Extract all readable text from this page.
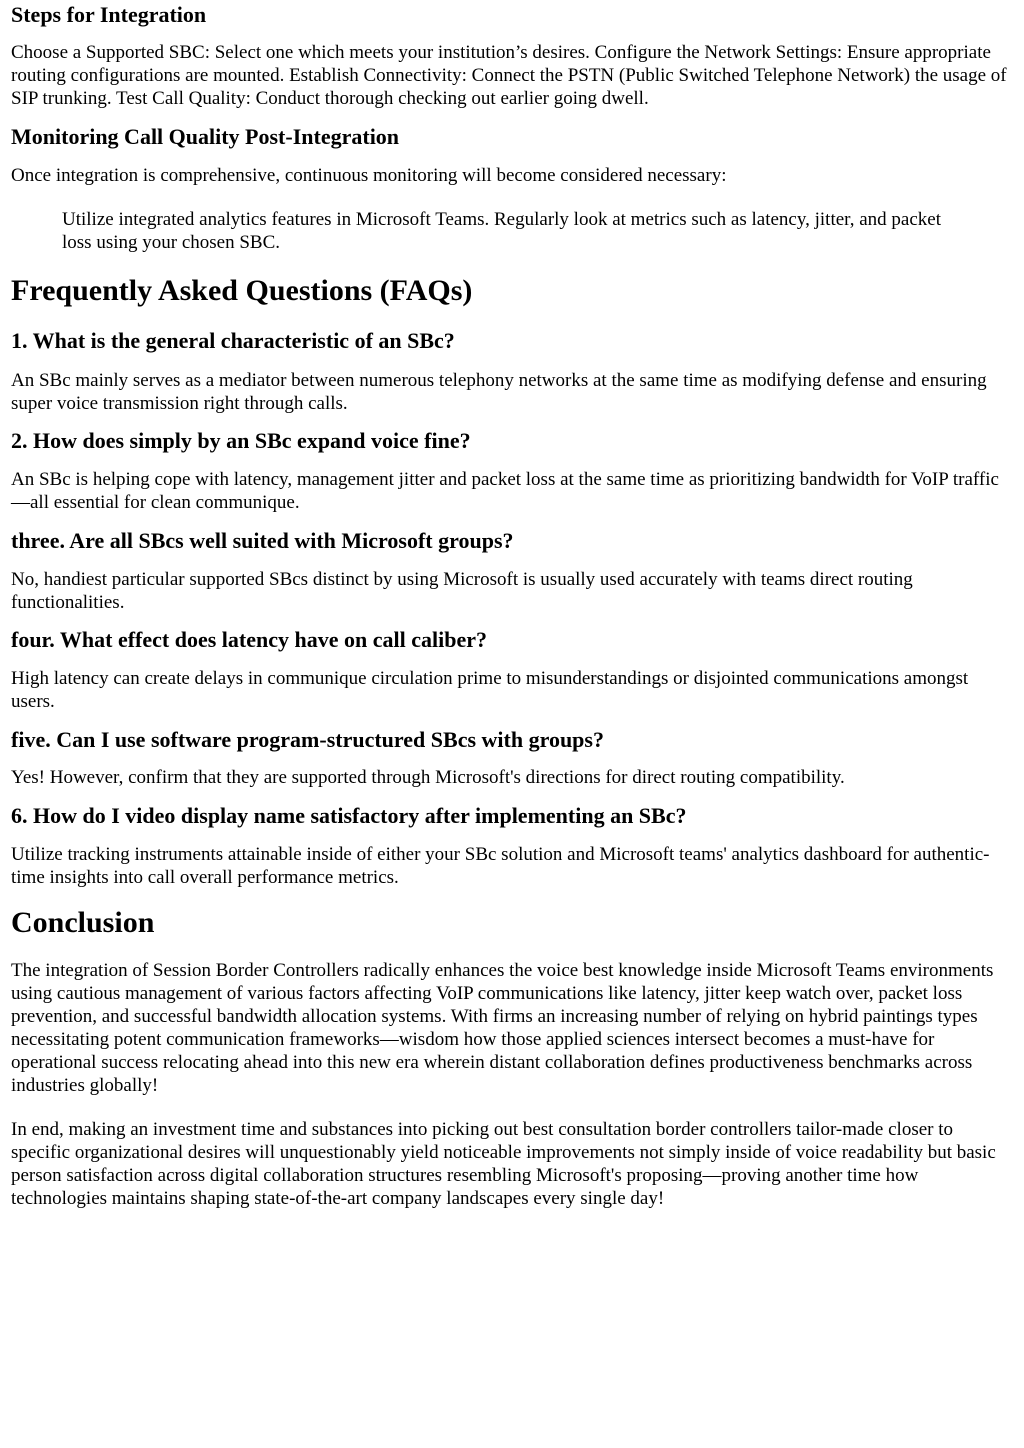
Steps for Integration

Choose a Supported SBC: Select one which meets your institution’s desires. Configure the Network Settings: Ensure appropriate routing configurations are mounted. Establish Connectivity: Connect the PSTN (Public Switched Telephone Network) the usage of SIP trunking. Test Call Quality: Conduct thorough checking out earlier going dwell.

Monitoring Call Quality Post-Integration

Once integration is comprehensive, continuous monitoring will become considered necessary:

Utilize integrated analytics features in Microsoft Teams. Regularly look at metrics such as latency, jitter, and packet loss using your chosen SBC.

Frequently Asked Questions (FAQs)
1. What is the general characteristic of an SBc?

An SBc mainly serves as a mediator between numerous telephony networks at the same time as modifying defense and ensuring super voice transmission right through calls.

2. How does simply by an SBc expand voice fine?

An SBc is helping cope with latency, management jitter and packet loss at the same time as prioritizing bandwidth for VoIP traffic—all essential for clean communique.

three. Are all SBcs well suited with Microsoft groups?

No, handiest particular supported SBcs distinct by using Microsoft is usually used accurately with teams direct routing functionalities.

four. What effect does latency have on call caliber?

High latency can create delays in communique circulation prime to misunderstandings or disjointed communications amongst users.

five. Can I use software program-structured SBcs with groups?

Yes! However, confirm that they are supported through Microsoft's directions for direct routing compatibility.

6. How do I video display name satisfactory after implementing an SBc?

Utilize tracking instruments attainable inside of either your SBc solution and Microsoft teams' analytics dashboard for authentic-time insights into call overall performance metrics.

Conclusion

The integration of Session Border Controllers radically enhances the voice best knowledge inside Microsoft Teams environments using cautious management of various factors affecting VoIP communications like latency, jitter keep watch over, packet loss prevention, and successful bandwidth allocation systems. With firms an increasing number of relying on hybrid paintings types necessitating potent communication frameworks—wisdom how those applied sciences intersect becomes a must-have for operational success relocating ahead into this new era wherein distant collaboration defines productiveness benchmarks across industries globally!

In end, making an investment time and substances into picking out best consultation border controllers tailor-made closer to specific organizational desires will unquestionably yield noticeable improvements not simply inside of voice readability but basic person satisfaction across digital collaboration structures resembling Microsoft's proposing—proving another time how technologies maintains shaping state-of-the-art company landscapes every single day!
